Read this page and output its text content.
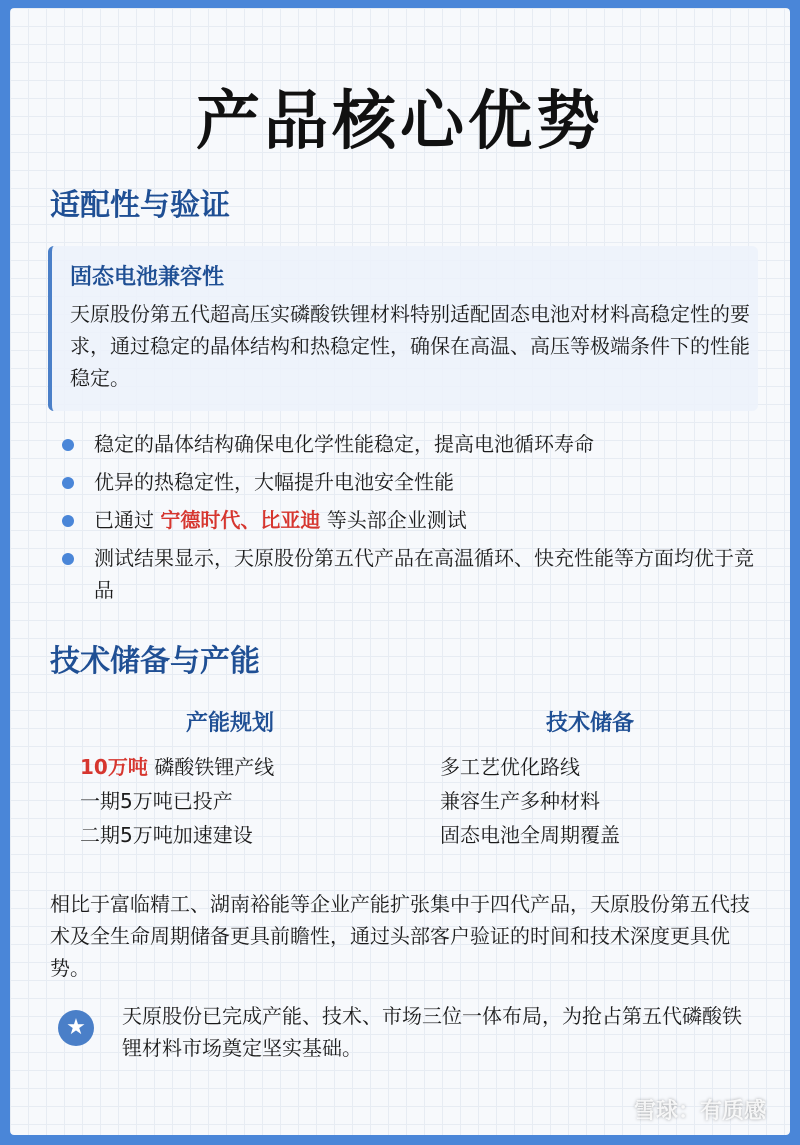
产品核心优势
适配性与验证
固态电池兼容性
天原股份第五代超高压实磷酸铁锂材料特别适配固态电池对材料高稳定性的要求，通过稳定的晶体结构和热稳定性，确保在高温、高压等极端条件下的性能稳定。
稳定的晶体结构确保电化学性能稳定，提高电池循环寿命
优异的热稳定性，大幅提升电池安全性能
已通过 宁德时代、比亚迪 等头部企业测试
测试结果显示，天原股份第五代产品在高温循环、快充性能等方面均优于竞品
技术储备与产能
产能规划
10万吨 磷酸铁锂产线
一期5万吨已投产
二期5万吨加速建设
技术储备
多工艺优化路线
兼容生产多种材料
固态电池全周期覆盖
相比于富临精工、湖南裕能等企业产能扩张集中于四代产品，天原股份第五代技术及全生命周期储备更具前瞻性，通过头部客户验证的时间和技术深度更具优势。
★	天原股份已完成产能、技术、市场三位一体布局，为抢占第五代磷酸铁锂材料市场奠定坚实基础。
雪球：有质感
